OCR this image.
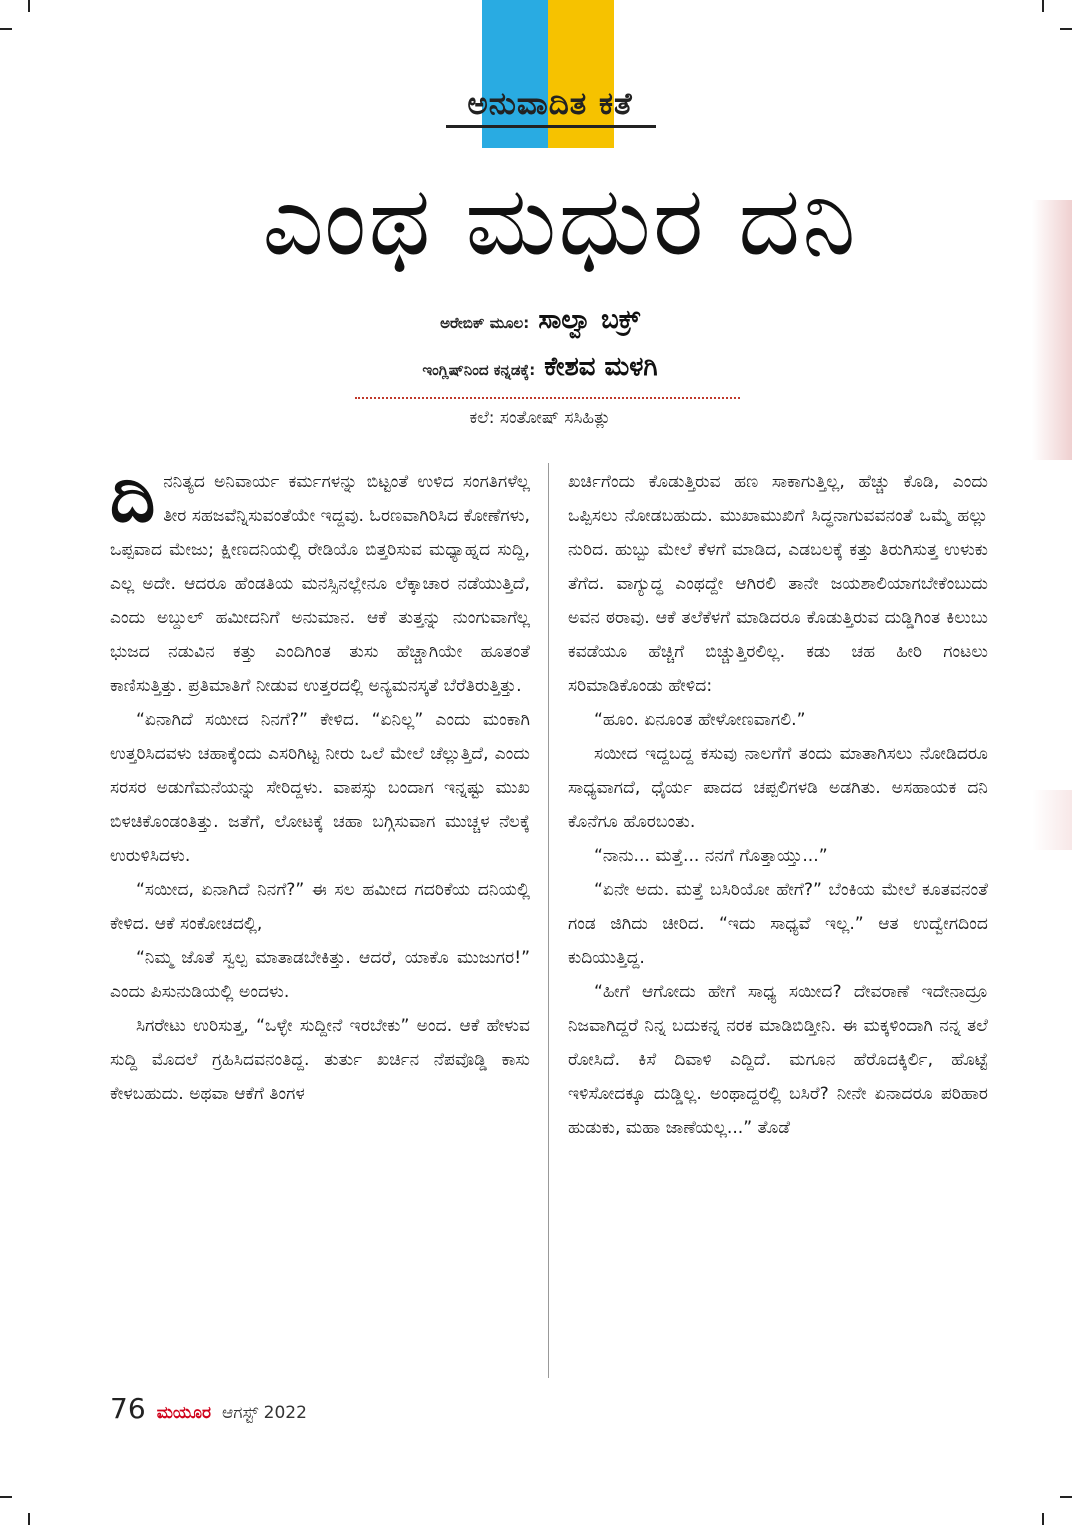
ಅನುವಾದಿತ ಕತೆ
ಎಂಥ ಮಧುರ ದನಿ
ಅರೇಬಿಕ್ ಮೂಲ: ಸಾಲ್ವಾ ಬಕ್ರ್
ಇಂಗ್ಲಿಷ್‌ನಿಂದ ಕನ್ನಡಕ್ಕೆ: ಕೇಶವ ಮಳಗಿ
ಕಲೆ: ಸಂತೋಷ್ ಸಸಿಹಿತ್ಲು

ದಿನನಿತ್ಯದ ಅನಿವಾರ್ಯ ಕರ್ಮಗಳನ್ನು ಬಿಟ್ಟಂತೆ ಉಳಿದ ಸಂಗತಿಗಳೆಲ್ಲ ತೀರ ಸಹಜವೆನ್ನಿಸುವಂತೆಯೇ ಇದ್ದವು. ಓರಣವಾಗಿರಿಸಿದ ಕೋಣೆಗಳು, ಒಪ್ಪವಾದ ಮೇಜು; ಕ್ಷೀಣದನಿಯಲ್ಲಿ ರೇಡಿಯೊ ಬಿತ್ತರಿಸುವ ಮಧ್ಯಾಹ್ನದ ಸುದ್ದಿ, ಎಲ್ಲ ಅದೇ. ಆದರೂ ಹೆಂಡತಿಯ ಮನಸ್ಸಿನಲ್ಲೇನೂ ಲೆಕ್ಕಾಚಾರ ನಡೆಯುತ್ತಿದೆ, ಎಂದು ಅಬ್ದುಲ್ ಹಮೀದನಿಗೆ ಅನುಮಾನ. ಆಕೆ ತುತ್ತನ್ನು ನುಂಗುವಾಗೆಲ್ಲ ಭುಜದ ನಡುವಿನ ಕತ್ತು ಎಂದಿಗಿಂತ ತುಸು ಹೆಚ್ಚಾಗಿಯೇ ಹೂತಂತೆ ಕಾಣಿಸುತ್ತಿತ್ತು. ಪ್ರತಿಮಾತಿಗೆ ನೀಡುವ ಉತ್ತರದಲ್ಲಿ ಅನ್ಯಮನಸ್ಕತೆ ಬೆರೆತಿರುತ್ತಿತ್ತು.

“ಏನಾಗಿದೆ ಸಯೀದ ನಿನಗೆ?” ಕೇಳಿದ. “ಏನಿಲ್ಲ” ಎಂದು ಮಂಕಾಗಿ ಉತ್ತರಿಸಿದವಳು ಚಹಾಕ್ಕೆಂದು ಎಸರಿಗಿಟ್ಟ ನೀರು ಒಲೆ ಮೇಲೆ ಚೆಲ್ಲುತ್ತಿದೆ, ಎಂದು ಸರಸರ ಅಡುಗೆಮನೆಯನ್ನು ಸೇರಿದ್ದಳು. ವಾಪಸ್ಸು ಬಂದಾಗ ಇನ್ನಷ್ಟು ಮುಖ ಬಿಳಚಿಕೊಂಡಂತಿತ್ತು. ಜತೆಗೆ, ಲೋಟಕ್ಕೆ ಚಹಾ ಬಗ್ಗಿಸುವಾಗ ಮುಚ್ಚಳ ನೆಲಕ್ಕೆ ಉರುಳಿಸಿದಳು.

“ಸಯೀದ, ಏನಾಗಿದೆ ನಿನಗೆ?” ಈ ಸಲ ಹಮೀದ ಗದರಿಕೆಯ ದನಿಯಲ್ಲಿ ಕೇಳಿದ. ಆಕೆ ಸಂಕೋಚದಲ್ಲಿ,

“ನಿಮ್ಮ ಜೊತೆ ಸ್ವಲ್ಪ ಮಾತಾಡಬೇಕಿತ್ತು. ಆದರೆ, ಯಾಕೊ ಮುಜುಗರ!” ಎಂದು ಪಿಸುನುಡಿಯಲ್ಲಿ ಅಂದಳು.

ಸಿಗರೇಟು ಉರಿಸುತ್ತ, “ಒಳ್ಳೇ ಸುದ್ದೀನೆ ಇರಬೇಕು” ಅಂದ. ಆಕೆ ಹೇಳುವ ಸುದ್ದಿ ಮೊದಲೆ ಗ್ರಹಿಸಿದವನಂತಿದ್ದ. ತುರ್ತು ಖರ್ಚಿನ ನೆಪವೊಡ್ಡಿ ಕಾಸು ಕೇಳಬಹುದು. ಅಥವಾ ಆಕೆಗೆ ತಿಂಗಳ

ಖರ್ಚಿಗೆಂದು ಕೊಡುತ್ತಿರುವ ಹಣ ಸಾಕಾಗುತ್ತಿಲ್ಲ, ಹೆಚ್ಚು ಕೊಡಿ, ಎಂದು ಒಪ್ಪಿಸಲು ನೋಡಬಹುದು. ಮುಖಾಮುಖಿಗೆ ಸಿದ್ಧನಾಗುವವನಂತೆ ಒಮ್ಮೆ ಹಲ್ಲು ನುರಿದ. ಹುಬ್ಬು ಮೇಲೆ ಕೆಳಗೆ ಮಾಡಿದ, ಎಡಬಲಕ್ಕೆ ಕತ್ತು ತಿರುಗಿಸುತ್ತ ಉಳುಕು ತೆಗೆದ. ವಾಗ್ಯುದ್ಧ ಎಂಥದ್ದೇ ಆಗಿರಲಿ ತಾನೇ ಜಯಶಾಲಿಯಾಗಬೇಕೆಂಬುದು ಅವನ ಠರಾವು. ಆಕೆ ತಲೆಕೆಳಗೆ ಮಾಡಿದರೂ ಕೊಡುತ್ತಿರುವ ದುಡ್ಡಿಗಿಂತ ಕಿಲುಬು ಕವಡೆಯೂ ಹೆಚ್ಚಿಗೆ ಬಿಚ್ಚುತ್ತಿರಲಿಲ್ಲ. ಕಡು ಚಹ ಹೀರಿ ಗಂಟಲು ಸರಿಮಾಡಿಕೊಂಡು ಹೇಳಿದ:

“ಹೂಂ. ಏನೂಂತ ಹೇಳೋಣವಾಗಲಿ.”

ಸಯೀದ ಇದ್ದಬದ್ದ ಕಸುವು ನಾಲಗೆಗೆ ತಂದು ಮಾತಾಗಿಸಲು ನೋಡಿದರೂ ಸಾಧ್ಯವಾಗದೆ, ಧೈರ್ಯ ಪಾದದ ಚಪ್ಪಲಿಗಳಡಿ ಅಡಗಿತು. ಅಸಹಾಯಕ ದನಿ ಕೊನೆಗೂ ಹೊರಬಂತು.

“ನಾನು... ಮತ್ತೆ... ನನಗೆ ಗೊತ್ತಾಯ್ತು...”

“ಏನೇ ಅದು. ಮತ್ತೆ ಬಸಿರಿಯೋ ಹೇಗೆ?” ಬೆಂಕಿಯ ಮೇಲೆ ಕೂತವನಂತೆ ಗಂಡ ಜಿಗಿದು ಚೀರಿದ. “ಇದು ಸಾಧ್ಯವೆ ಇಲ್ಲ.” ಆತ ಉದ್ವೇಗದಿಂದ ಕುದಿಯುತ್ತಿದ್ದ.

“ಹೀಗೆ ಆಗೋದು ಹೇಗೆ ಸಾಧ್ಯ ಸಯೀದ? ದೇವರಾಣೆ ಇದೇನಾದ್ರೂ ನಿಜವಾಗಿದ್ದರೆ ನಿನ್ನ ಬದುಕನ್ನ ನರಕ ಮಾಡಿಬಿಡ್ತೀನಿ. ಈ ಮಕ್ಕಳಿಂದಾಗಿ ನನ್ನ ತಲೆ ರೋಸಿದೆ. ಕಿಸೆ ದಿವಾಳಿ ಎದ್ದಿದೆ. ಮಗೂನ ಹೆರೊದಕ್ಕಿರ್ಲಿ, ಹೊಟ್ಟೆ ಇಳಿಸೋದಕ್ಕೂ ದುಡ್ಡಿಲ್ಲ. ಅಂಥಾದ್ದರಲ್ಲಿ ಬಸಿರೆ? ನೀನೇ ಏನಾದರೂ ಪರಿಹಾರ ಹುಡುಕು, ಮಹಾ ಜಾಣೆಯಲ್ಲ...” ತೊಡೆ

76 ಮಯೂರ ಆಗಸ್ಟ್ 2022
